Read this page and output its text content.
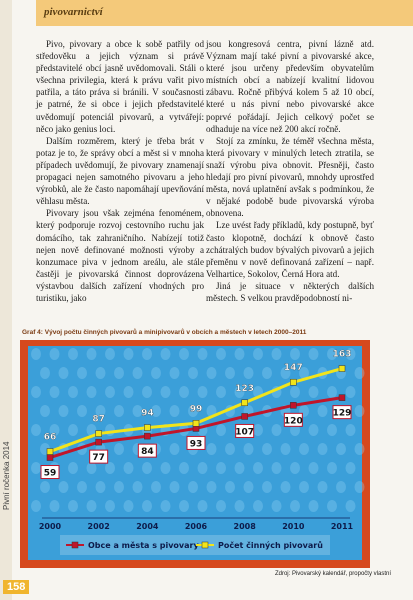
Pivní ročenka 2014
158
pivovarnictví

Pivo, pivovary a obce k sobě patřily od středověku a jejich význam si právě představitelé obcí jasně uvědomovali. Stáli o všechna privilegia, která k právu vařit pivo patřila, a táto práva si bránili. V současnosti je patrné, že si obce i jejich představitelé uvědomují potenciál pivovarů, a vytvářejí: něco jako genius loci.

Dalším rozměrem, který je třeba brát v potaz je to, že správy obcí a měst si v mnoha případech uvědomují, že pivovary znamenají propagaci nejen samotného pivovaru a jeho výrobků, ale že často napomáhají upevňování věhlasu města.

Pivovary jsou však zejména fenoménem, který podporuje rozvoj cestovního ruchu jak domácího, tak zahraničního. Nabízejí totiž nejen nově definované možnosti výroby a konzumace piva v jednom areálu, ale stále častěji je pivovarská činnost doprovázena výstavbou dalších zařízení vhodných pro turistiku, jako

jsou kongresová centra, pivní lázně atd. Význam mají také pivní a pivovarské akce, které jsou určeny především obyvatelům místních obcí a nabízejí kvalitní lidovou zábavu. Ročně přibývá kolem 5 až 10 obcí, které u nás pivní nebo pivovarské akce poprvé pořádají. Jejich celkový počet se odhaduje na více než 200 akcí ročně.

Stojí za zmínku, že téměř všechna města, která pivovary v minulých letech ztratila, se snaží výrobu piva obnovit. Přesněji, často hledají pro pivní pivovarů, mnohdy uprostřed města, nová uplatnění avšak s podmínkou, že v nějaké podobě bude pivovarská výroba obnovena.

Lze uvést řady příkladů, kdy postupně, byť často klopotně, dochází k obnově často zchátralých budov bývalých pivovarů a jejich přeměnu v nově definovaná zařízení – např. Velhartice, Sokolov, Černá Hora atd.

Jiná je situace v některých dalších městech. S velkou pravděpodobností ni-

Graf 4: Vývoj počtu činných pivovarů a minipivovarů v obcích a městech v letech 2000–2011
59
77
84
93
107
120
129
66
87
94	99
123
147
163
2000	2002	2004	2006	2008	2010	2011
Obce a města s pivovary Počet činných pivovarů
Zdroj: Pivovarský kalendář, propočty vlastní
